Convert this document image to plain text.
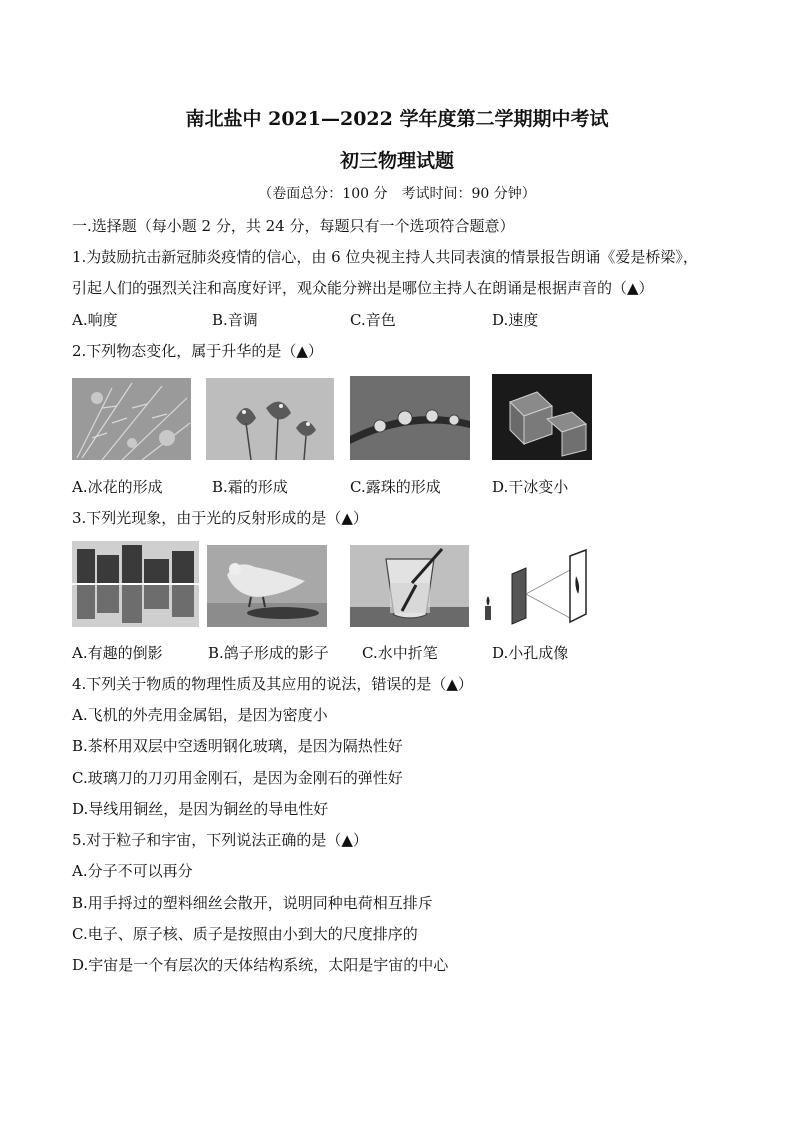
南北盐中 2021—2022 学年度第二学期期中考试
初三物理试题
（卷面总分：100 分　考试时间：90 分钟）
一.选择题（每小题 2 分，共 24 分，每题只有一个选项符合题意）
1.为鼓励抗击新冠肺炎疫情的信心，由 6 位央视主持人共同表演的情景报告朗诵《爱是桥梁》，
引起人们的强烈关注和高度好评，观众能分辨出是哪位主持人在朗诵是根据声音的（▲）
A.响度	B.音调	C.音色	D.速度
2.下列物态变化，属于升华的是（▲）
A.冰花的形成	B.霜的形成	C.露珠的形成	D.干冰变小
3.下列光现象，由于光的反射形成的是（▲）
A.有趣的倒影	B.鸽子形成的影子 C.水中折笔	D.小孔成像
4.下列关于物质的物理性质及其应用的说法，错误的是（▲）
A.飞机的外壳用金属铝，是因为密度小
B.茶杯用双层中空透明钢化玻璃，是因为隔热性好
C.玻璃刀的刀刃用金刚石，是因为金刚石的弹性好
D.导线用铜丝，是因为铜丝的导电性好
5.对于粒子和宇宙，下列说法正确的是（▲）
A.分子不可以再分
B.用手捋过的塑料细丝会散开，说明同种电荷相互排斥
C.电子、原子核、质子是按照由小到大的尺度排序的
D.宇宙是一个有层次的天体结构系统，太阳是宇宙的中心
